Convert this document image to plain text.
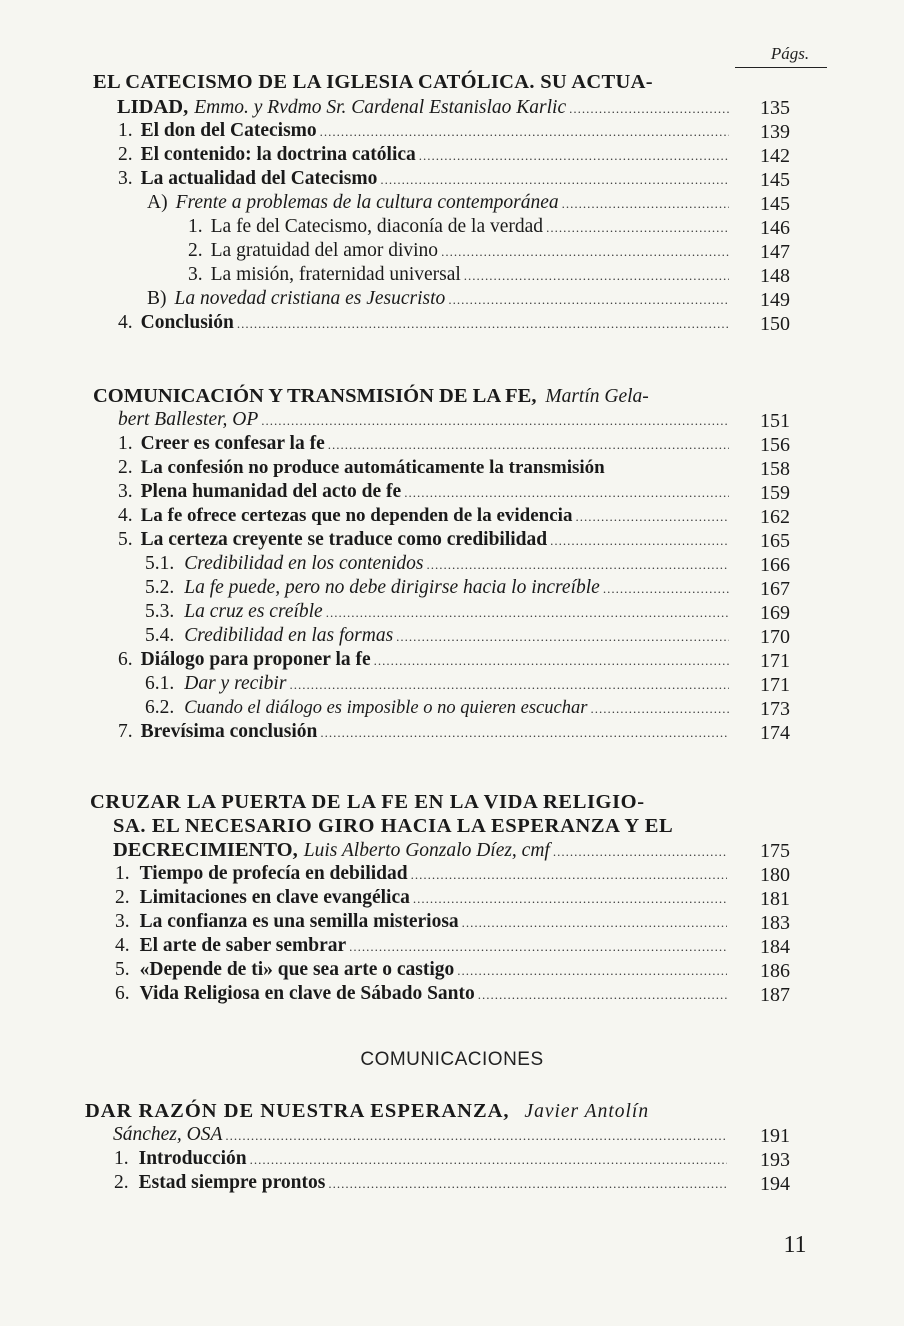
Págs.
EL CATECISMO DE LA IGLESIA CATÓLICA. SU ACTUA-
LIDAD, Emmo. y Rvdmo Sr. Cardenal Estanislao Karlic .....	135
1. El don del Catecismo .....	139
2. El contenido: la doctrina católica .....	142
3. La actualidad del Catecismo .....	145
A) Frente a problemas de la cultura contemporánea .....	145
1. La fe del Catecismo, diaconía de la verdad .....	146
2. La gratuidad del amor divino .....	147
3. La misión, fraternidad universal .....	148
B) La novedad cristiana es Jesucristo .....	149
4. Conclusión .....	150
COMUNICACIÓN Y TRANSMISIÓN DE LA FE, Martín Gela-
bert Ballester, OP .....	151
1. Creer es confesar la fe .....	156
2. La confesión no produce automáticamente la transmisión	158
3. Plena humanidad del acto de fe .....	159
4. La fe ofrece certezas que no dependen de la evidencia .....	162
5. La certeza creyente se traduce como credibilidad .....	165
5.1. Credibilidad en los contenidos .....	166
5.2. La fe puede, pero no debe dirigirse hacia lo increíble .....	167
5.3. La cruz es creíble .....	169
5.4. Credibilidad en las formas .....	170
6. Diálogo para proponer la fe .....	171
6.1. Dar y recibir .....	171
6.2. Cuando el diálogo es imposible o no quieren escuchar .....	173
7. Brevísima conclusión .....	174
CRUZAR LA PUERTA DE LA FE EN LA VIDA RELIGIO-
SA. EL NECESARIO GIRO HACIA LA ESPERANZA Y EL
DECRECIMIENTO, Luis Alberto Gonzalo Díez, cmf .....	175
1. Tiempo de profecía en debilidad .....	180
2. Limitaciones en clave evangélica .....	181
3. La confianza es una semilla misteriosa .....	183
4. El arte de saber sembrar .....	184
5. «Depende de ti» que sea arte o castigo .....	186
6. Vida Religiosa en clave de Sábado Santo .....	187
COMUNICACIONES
DAR RAZÓN DE NUESTRA ESPERANZA, Javier Antolín
Sánchez, OSA .....	191
1. Introducción .....	193
2. Estad siempre prontos .....	194
11
